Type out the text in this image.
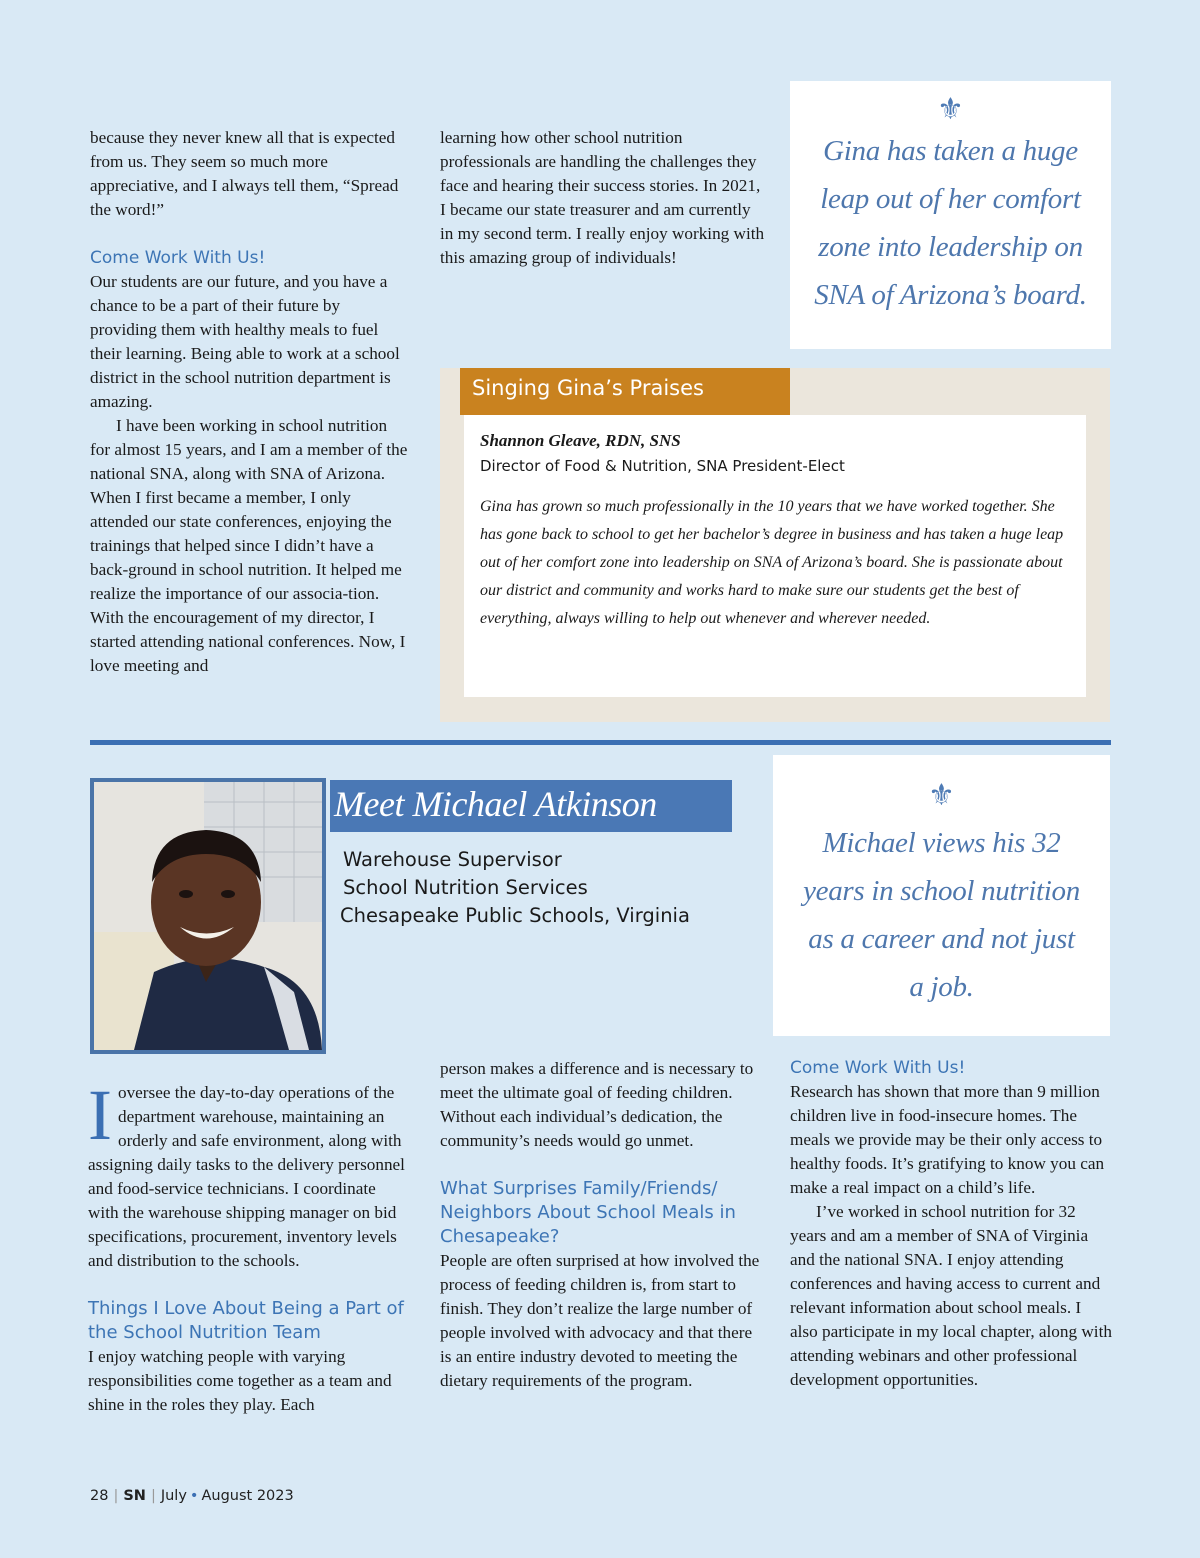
because they never knew all that is expected from us. They seem so much more appreciative, and I always tell them, “Spread the word!”

Come Work With Us!

Our students are our future, and you have a chance to be a part of their future by providing them with healthy meals to fuel their learning. Being able to work at a school district in the school nutrition department is amazing.

I have been working in school nutrition for almost 15 years, and I am a member of the national SNA, along with SNA of Arizona. When I first became a member, I only attended our state conferences, enjoying the trainings that helped since I didn’t have a back-ground in school nutrition. It helped me realize the importance of our associa-tion. With the encouragement of my director, I started attending national conferences. Now, I love meeting and

learning how other school nutrition professionals are handling the challenges they face and hearing their success stories. In 2021, I became our state treasurer and am currently in my second term. I really enjoy working with this amazing group of individuals!

⚜
Gina has taken a huge leap out of her comfort zone into leadership on SNA of Arizona’s board.
Singing Gina’s Praises
Shannon Gleave, RDN, SNS
Director of Food & Nutrition, SNA President-Elect
Gina has grown so much professionally in the 10 years that we have worked together. She has gone back to school to get her bachelor’s degree in business and has taken a huge leap out of her comfort zone into leadership on SNA of Arizona’s board. She is passionate about our district and community and works hard to make sure our students get the best of everything, always willing to help out whenever and wherever needed.
Meet Michael Atkinson
Warehouse Supervisor
School Nutrition Services
Chesapeake Public Schools, Virginia
⚜
Michael views his 32 years in school nutrition as a career and not just a job.

Ioversee the day-to-day operations of the department warehouse, maintaining an orderly and safe environment, along with assigning daily tasks to the delivery personnel and food-service technicians. I coordinate with the warehouse shipping manager on bid specifications, procurement, inventory levels and distribution to the schools.

Things I Love About Being a Part of the School Nutrition Team

I enjoy watching people with varying responsibilities come together as a team and shine in the roles they play. Each

person makes a difference and is necessary to meet the ultimate goal of feeding children. Without each individual’s dedication, the community’s needs would go unmet.

What Surprises Family/Friends/ Neighbors About School Meals in Chesapeake?

People are often surprised at how involved the process of feeding children is, from start to finish. They don’t realize the large number of people involved with advocacy and that there is an entire industry devoted to meeting the dietary requirements of the program.

Come Work With Us!

Research has shown that more than 9 million children live in food-insecure homes. The meals we provide may be their only access to healthy foods. It’s gratifying to know you can make a real impact on a child’s life.

I’ve worked in school nutrition for 32 years and am a member of SNA of Virginia and the national SNA. I enjoy attending conferences and having access to current and relevant information about school meals. I also participate in my local chapter, along with attending webinars and other professional development opportunities.

28 | SN | July • August 2023
